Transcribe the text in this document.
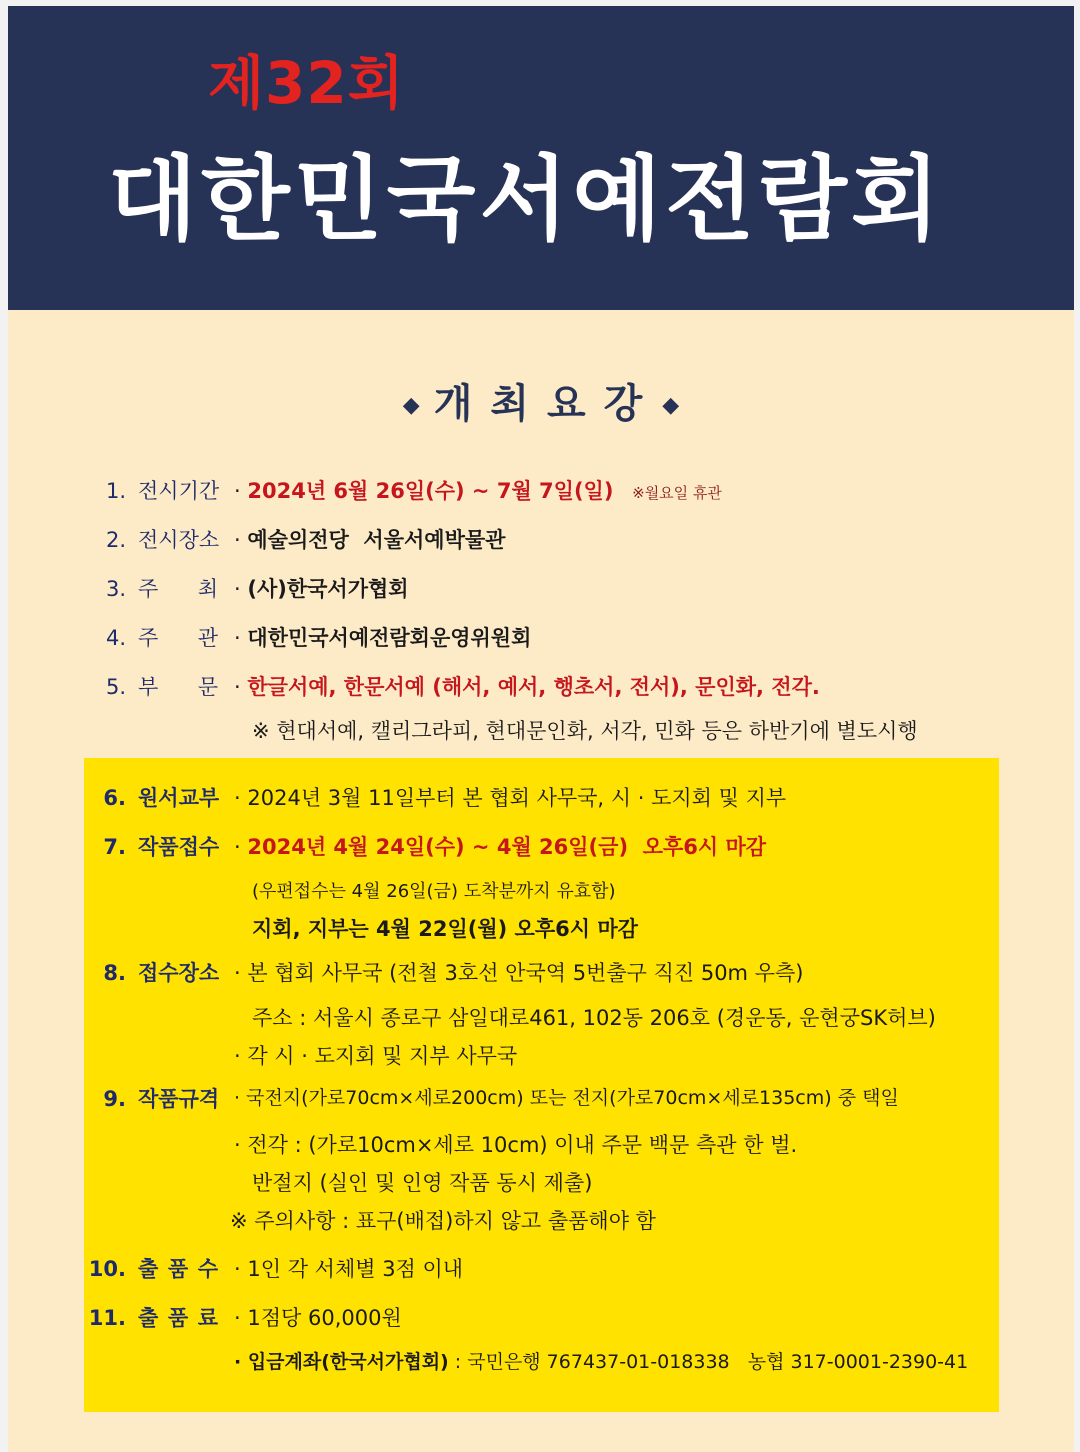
제32회
대한민국서예전람회
◆ 개최요강◆
1. 전시기간 · 2024년 6월 26일(수) ~ 7월 7일(일) ※월요일 휴관
2. 전시장소 · 예술의전당  서울서예박물관
3. 주 최 · (사)한국서가협회
4. 주 관 · 대한민국서예전람회운영위원회
5. 부 문 · 한글서예, 한문서예 (해서, 예서, 행초서, 전서), 문인화, 전각.
※ 현대서예, 캘리그라피, 현대문인화, 서각, 민화 등은 하반기에 별도시행
6. 원서교부 · 2024년 3월 11일부터 본 협회 사무국, 시 · 도지회 및 지부
7. 작품접수 · 2024년 4월 24일(수) ~ 4월 26일(금)  오후6시 마감
(우편접수는 4월 26일(금) 도착분까지 유효함)
지회, 지부는 4월 22일(월) 오후6시 마감
8. 접수장소 · 본 협회 사무국 (전철 3호선 안국역 5번출구 직진 50m 우측)
주소 : 서울시 종로구 삼일대로461, 102동 206호 (경운동, 운현궁SK허브)
· 각 시 · 도지회 및 지부 사무국
9. 작품규격 · 국전지(가로70cm×세로200cm) 또는 전지(가로70cm×세로135cm) 중 택일
· 전각 : (가로10cm×세로 10cm) 이내 주문 백문 측관 한 벌.
반절지 (실인 및 인영 작품 동시 제출)
※ 주의사항 : 표구(배접)하지 않고 출품해야 함
10. 출 품 수 · 1인 각 서체별 3점 이내
11. 출 품 료 · 1점당 60,000원
· 입금계좌(한국서가협회) : 국민은행 767437-01-018338   농협 317-0001-2390-41
